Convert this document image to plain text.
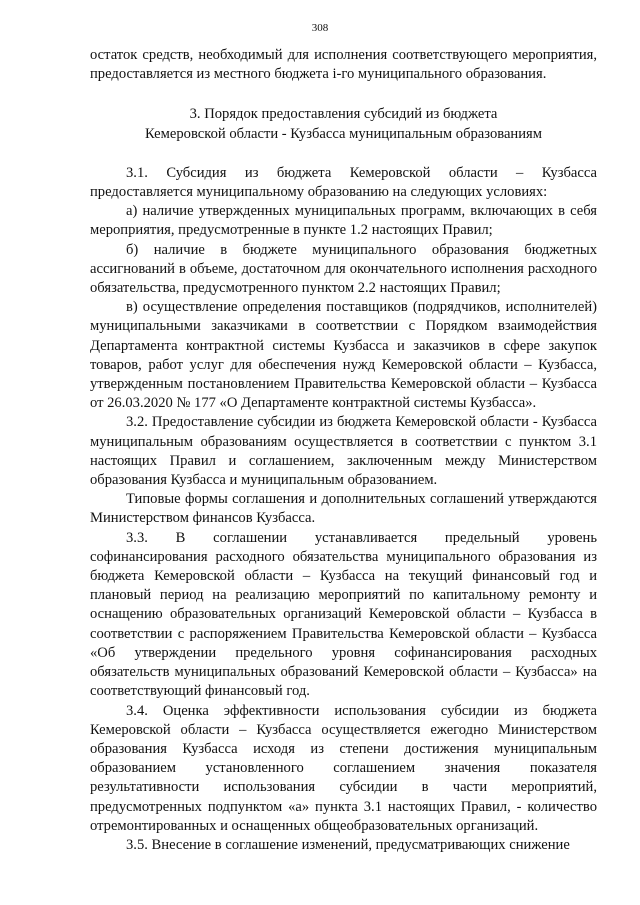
308

остаток средств, необходимый для исполнения соответствующего мероприятия, предоставляется из местного бюджета i-го муниципального образования.

3. Порядок предоставления субсидий из бюджета
Кемеровской области - Кузбасса муниципальным образованиям

3.1. Субсидия из бюджета Кемеровской области – Кузбасса предоставляется муниципальному образованию на следующих условиях:

а) наличие утвержденных муниципальных программ, включающих в себя мероприятия, предусмотренные в пункте 1.2 настоящих Правил;

б) наличие в бюджете муниципального образования бюджетных ассигнований в объеме, достаточном для окончательного исполнения расходного обязательства, предусмотренного пунктом 2.2 настоящих Правил;

в) осуществление определения поставщиков (подрядчиков, исполнителей) муниципальными заказчиками в соответствии с Порядком взаимодействия Департамента контрактной системы Кузбасса и заказчиков в сфере закупок товаров, работ услуг для обеспечения нужд Кемеровской области – Кузбасса, утвержденным постановлением Правительства Кемеровской области – Кузбасса от 26.03.2020 № 177 «О Департаменте контрактной системы Кузбасса».

3.2. Предоставление субсидии из бюджета Кемеровской области - Кузбасса муниципальным образованиям осуществляется в соответствии с пунктом 3.1 настоящих Правил и соглашением, заключенным между Министерством образования Кузбасса и муниципальным образованием.

Типовые формы соглашения и дополнительных соглашений утверждаются Министерством финансов Кузбасса.

3.3. В соглашении устанавливается предельный уровень софинансирования расходного обязательства муниципального образования из бюджета Кемеровской области – Кузбасса на текущий финансовый год и плановый период на реализацию мероприятий по капитальному ремонту и оснащению образовательных организаций Кемеровской области – Кузбасса в соответствии с распоряжением Правительства Кемеровской области – Кузбасса «Об утверждении предельного уровня софинансирования расходных обязательств муниципальных образований Кемеровской области – Кузбасса» на соответствующий финансовый год.

3.4. Оценка эффективности использования субсидии из бюджета Кемеровской области – Кузбасса осуществляется ежегодно Министерством образования Кузбасса исходя из степени достижения муниципальным образованием установленного соглашением значения показателя результативности использования субсидии в части мероприятий, предусмотренных подпунктом «а» пункта 3.1 настоящих Правил, - количество отремонтированных и оснащенных общеобразовательных организаций.

3.5. Внесение в соглашение изменений, предусматривающих снижение
